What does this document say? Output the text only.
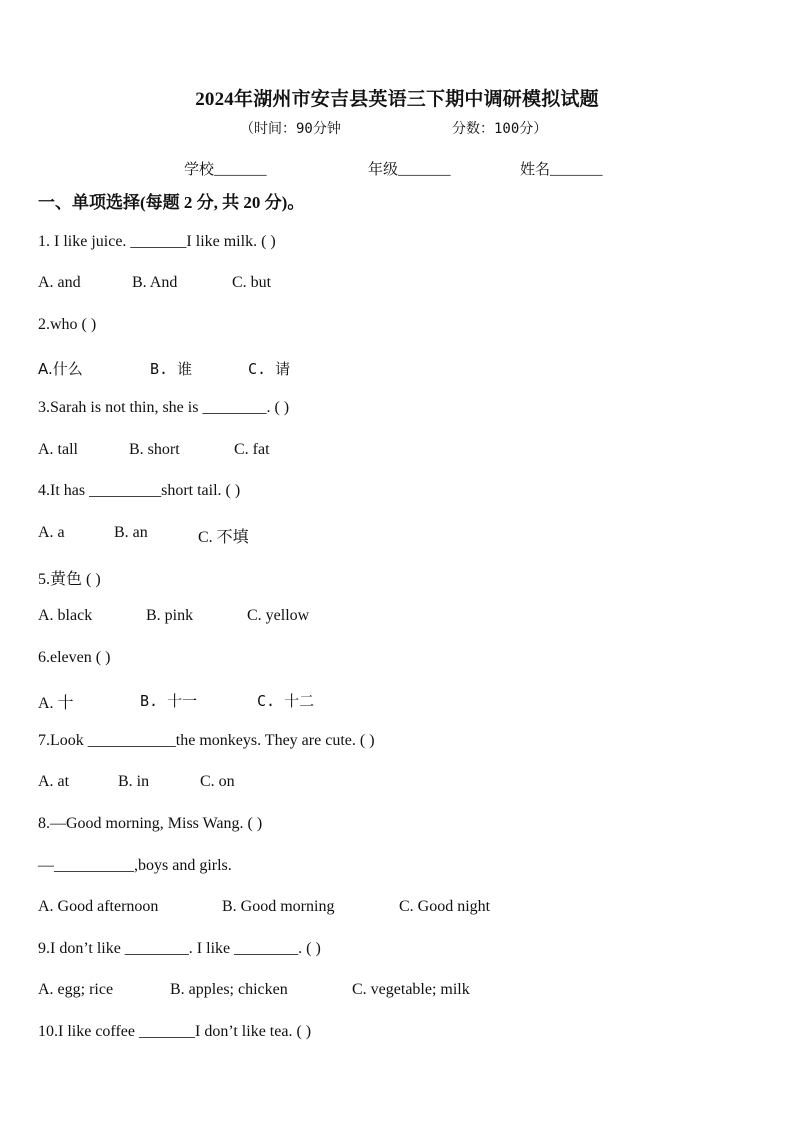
2024年湖州市安吉县英语三下期中调研模拟试题
（时间：90分钟	分数：100分）
学校_______	年级_______	姓名_______
一、单项选择(每题 2 分, 共 20 分)。
1. I like juice. _______I like milk. ( )
A. and	B. And	C. but
2.who ( )
A.什么	B. 谁	C. 请
3.Sarah is not thin, she is ________. ( )
A. tall	B. short	C. fat
4.It has _________short tail. ( )
A. a	B. an	C. 不填
5.黄色 ( )
A. black	B. pink	C. yellow
6.eleven ( )
A. 十	B. 十一	C. 十二
7.Look ___________the monkeys. They are cute. ( )
A. at	B. in	C. on
8.—Good morning, Miss Wang. ( )
—__________,boys and girls.
A. Good afternoon	B. Good morning	C. Good night
9.I don’t like ________. I like ________. ( )
A. egg; rice	B. apples; chicken	C. vegetable; milk
10.I like coffee _______I don’t like tea. ( )
